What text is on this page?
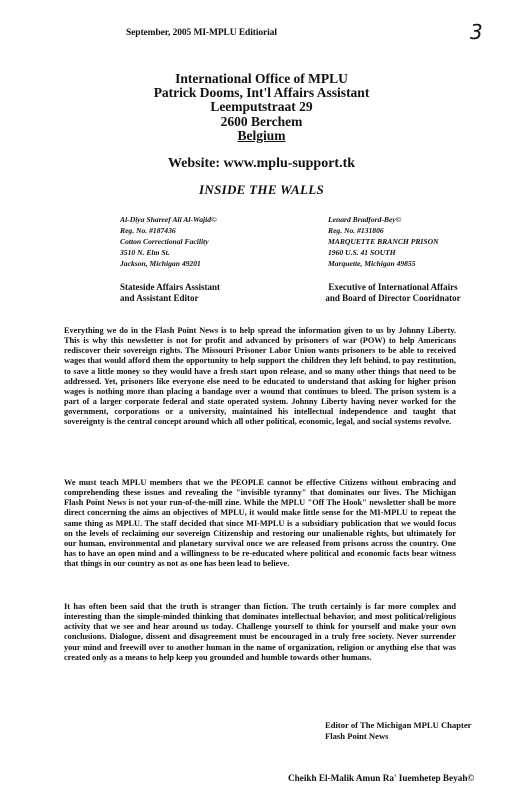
September, 2005 MI-MPLU Editiorial	3
International Office of MPLU
Patrick Dooms, Int'l Affairs Assistant
Leemputstraat 29
2600 Berchem
Belgium
Website: www.mplu-support.tk
INSIDE THE WALLS
Al-Diya Shareef Ali Al-Wajid©
Reg. No. #187436
Cotton Correctional Facility
3510 N. Elm St.
Jackson, Michigan 49201
Lenard Bradford-Bey©
Reg. No. #131806
MARQUETTE BRANCH PRISON
1960 U.S. 41 SOUTH
Marquette, Michigan 49855
Stateside Affairs Assistant
and Assistant Editor
Executive of International Affairs
and Board of Director Cooridnator
Everything we do in the Flash Point News is to help spread the information given to us by Johnny Liberty. This is why this newsletter is not for profit and advanced by prisoners of war (POW) to help Americans rediscover their sovereign rights. The Missouri Prisoner Labor Union wants prisoners to be able to received wages that would afford them the opportunity to help support the children they left behind, to pay restitution, to save a little money so they would have a fresh start upon release, and so many other things that need to be addressed. Yet, prisoners like everyone else need to be educated to understand that asking for higher prison wages is nothing more than placing a bandage over a wound that continues to bleed. The prison system is a part of a larger corporate federal and state operated system. Johnny Liberty having never worked for the government, corporations or a university, maintained his intellectual independence and taught that sovereignty is the central concept around which all other political, economic, legal, and social systems revolve.
We must teach MPLU members that we the PEOPLE cannot be effective Citizens without embracing and comprehending these issues and revealing the "invisible tyranny" that dominates our lives. The Michigan Flash Point News is not your run-of-the-mill zine. While the MPLU "Off The Hook" newsletter shall be more direct concerning the aims an objectives of MPLU, it would make little sense for the MI-MPLU to repeat the same thing as MPLU. The staff decided that since MI-MPLU is a subsidiary publication that we would focus on the levels of reclaiming our sovereign Citizenship and restoring our unalienable rights, but ultimately for our human, environmental and planetary survival once we are released from prisons across the country. One has to have an open mind and a willingness to be re-educated where political and economic facts bear witness that things in our country as not as one has been lead to believe.
It has often been said that the truth is stranger than fiction. The truth certainly is far more complex and interesting than the simple-minded thinking that dominates intellectual behavior, and most political/religious activity that we see and hear around us today. Challenge yourself to think for yourself and make your own conclusions. Dialogue, dissent and disagreement must be encouraged in a truly free society. Never surrender your mind and freewill over to another human in the name of organization, religion or anything else that was created only as a means to help keep you grounded and humble towards other humans.
Editor of The Michigan MPLU Chapter
Flash Point News
Cheikh El-Malik Amun Ra' Iuemhetep Beyah©
